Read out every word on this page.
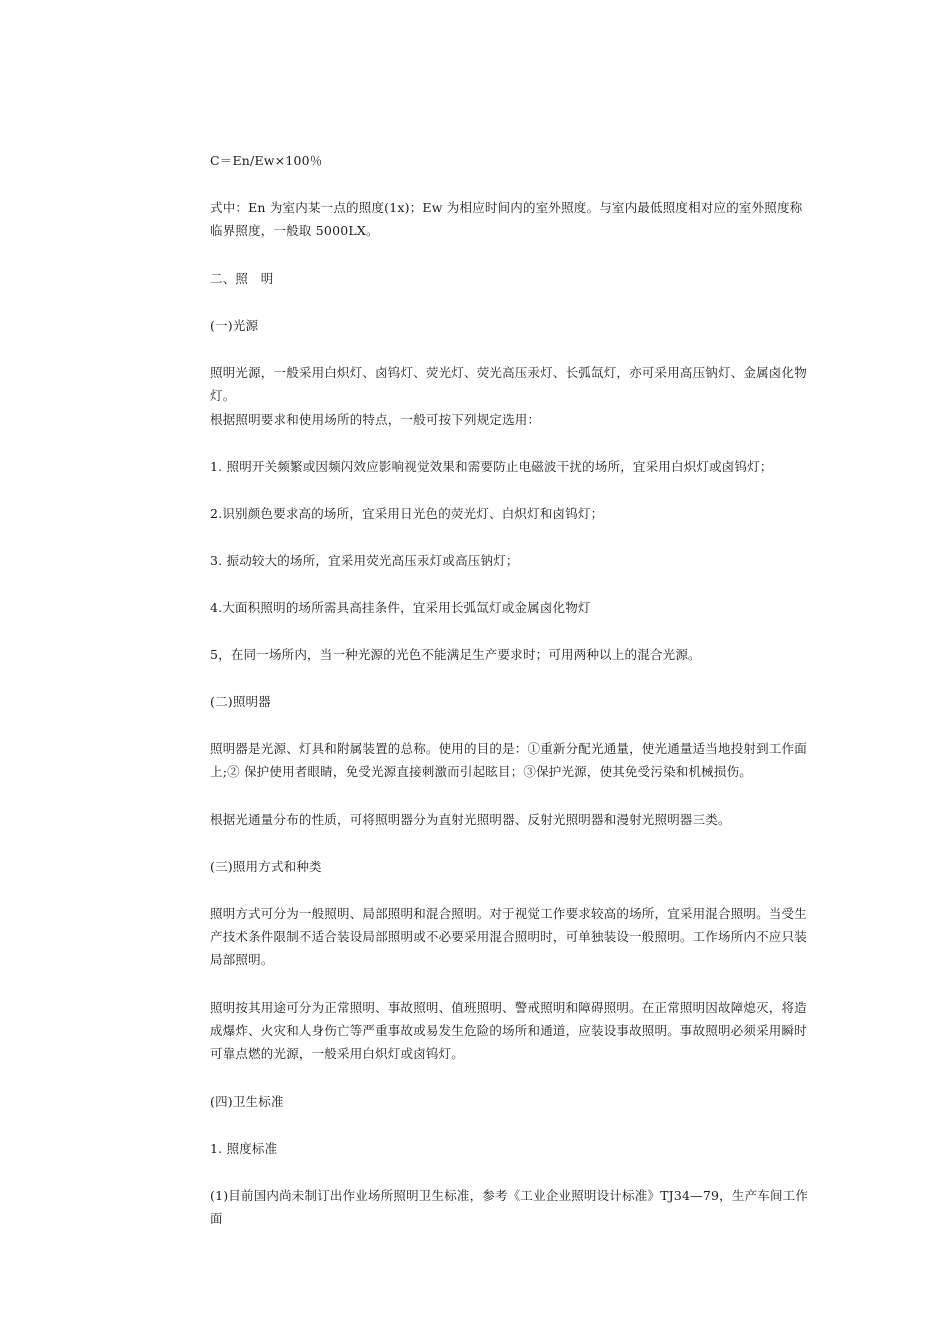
C＝En/Ew×100％

式中：En 为室内某一点的照度(1x)；Ew 为相应时间内的室外照度。与室内最低照度相对应的室外照度称临界照度，一般取 5000LX。

二、照　明

(一)光源

照明光源，一般采用白炽灯、卤钨灯、荧光灯、荧光高压汞灯、长弧氙灯，亦可采用高压钠灯、金属卤化物灯。

根据照明要求和使用场所的特点，一般可按下列规定选用：

1. 照明开关频繁或因频闪效应影响视觉效果和需要防止电磁波干扰的场所，宜采用白炽灯或卤钨灯；

2.识别颜色要求高的场所，宜采用日光色的荧光灯、白炽灯和卤钨灯；

3. 振动较大的场所，宜采用荧光高压汞灯或高压钠灯；

4.大面积照明的场所需具高挂条件，宜采用长弧氙灯或金属卤化物灯

5，在同一场所内，当一种光源的光色不能满足生产要求时；可用两种以上的混合光源。

(二)照明器

照明器是光源、灯具和附属装置的总称。使用的目的是：①重新分配光通量，使光通量适当地投射到工作面上;② 保护使用者眼睛，免受光源直接刺激而引起眩目；③保护光源，使其免受污染和机械损伤。

根据光通量分布的性质，可将照明器分为直射光照明器、反射光照明器和漫射光照明器三类。

(三)照用方式和种类

照明方式可分为一般照明、局部照明和混合照明。对于视觉工作要求较高的场所，宜采用混合照明。当受生产技术条件限制不适合装设局部照明或不必要采用混合照明时，可单独装设一般照明。工作场所内不应只装局部照明。

照明按其用途可分为正常照明、事故照明、值班照明、警戒照明和障碍照明。在正常照明因故障熄灭，将造成爆炸、火灾和人身伤亡等严重事故或易发生危险的场所和通道，应装设事故照明。事故照明必须采用瞬时可靠点燃的光源，一般采用白炽灯或卤钨灯。

(四)卫生标准

1. 照度标准

(1)目前国内尚未制订出作业场所照明卫生标准，参考《工业企业照明设计标准》TJ34—79，生产车间工作面
